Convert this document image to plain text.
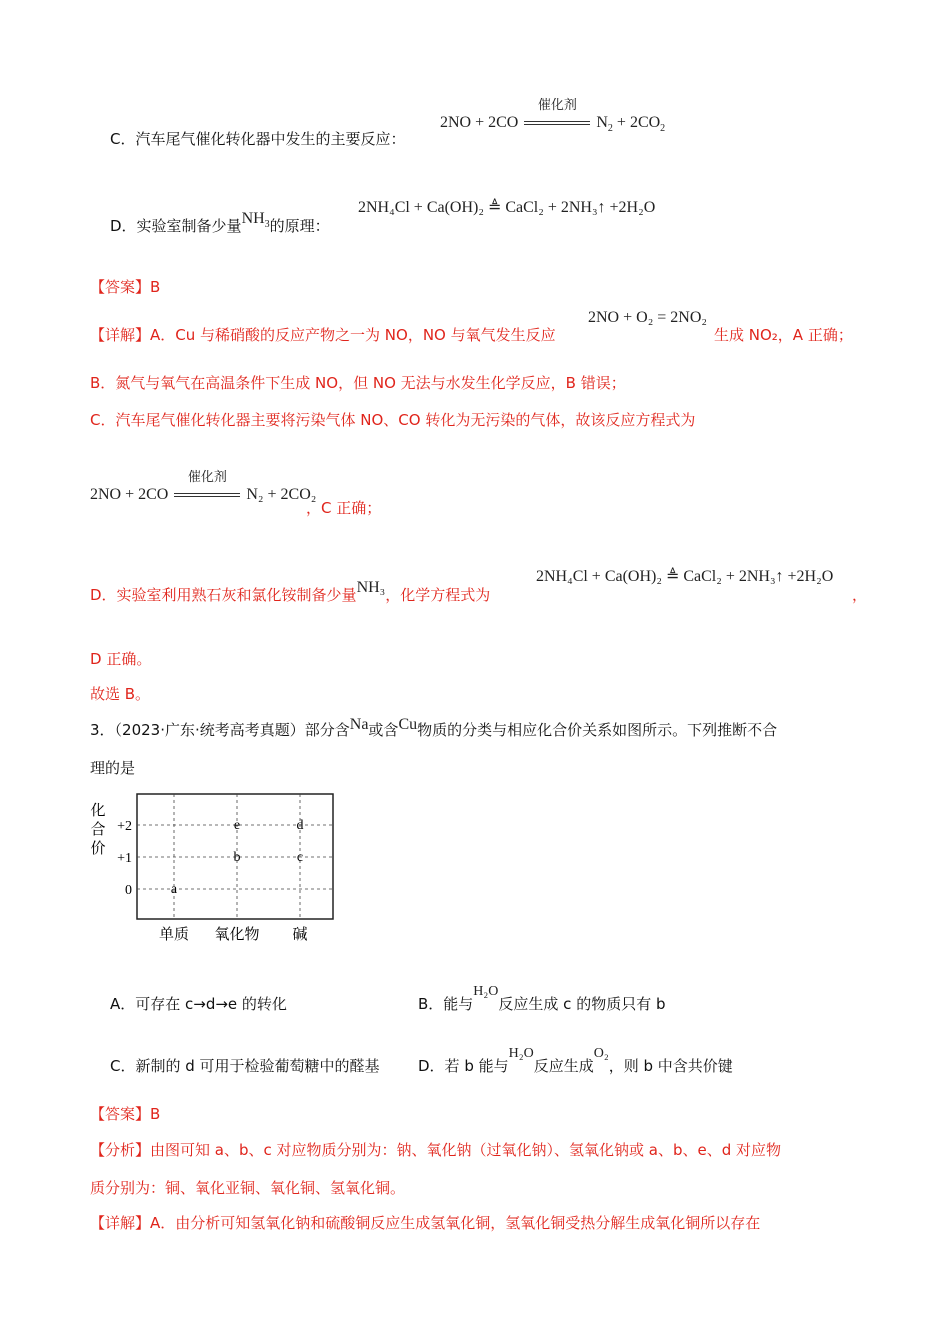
C．汽车尾气催化转化器中发生的主要反应：
2NO + 2CO
催化剂
$N_2 + 2CO_2$
D．实验室制备少量$NH_3$的原理：
2NH₄Cl + Ca(OH)₂ ≜ CaCl₂ + 2NH₃↑ +2H₂O
【答案】B
【详解】A．Cu 与稀硝酸的反应产物之一为 NO，NO 与氧气发生反应
2NO + O₂ = 2NO₂
生成 NO₂，A 正确；
B．氮气与氧气在高温条件下生成 NO，但 NO 无法与水发生化学反应，B 错误；
C．汽车尾气催化转化器主要将污染气体 NO、CO 转化为无污染的气体，故该反应方程式为
2NO + 2CO
催化剂
N₂ + 2CO₂
，C 正确；
D．实验室利用熟石灰和氯化铵制备少量NH₃，化学方程式为
2NH₄Cl + Ca(OH)₂ ≜ CaCl₂ + 2NH₃↑ +2H₂O
，
D 正确。
故选 B。
3．（2023·广东·统考高考真题）部分含Na或含Cu物质的分类与相应化合价关系如图所示。下列推断不合
理的是
化
合
价
+2
+1
0
单质 氧化物 碱
a
b
e
c
d
A．可存在 c→d→e 的转化	B．能与H₂O反应生成 c 的物质只有 b
C．新制的 d 可用于检验葡萄糖中的醛基	D．若 b 能与H₂O反应生成O₂，则 b 中含共价键
【答案】B
【分析】由图可知 a、b、c 对应物质分别为：钠、氧化钠（过氧化钠）、氢氧化钠或 a、b、e、d 对应物
质分别为：铜、氧化亚铜、氧化铜、氢氧化铜。
【详解】A．由分析可知氢氧化钠和硫酸铜反应生成氢氧化铜，氢氧化铜受热分解生成氧化铜所以存在
